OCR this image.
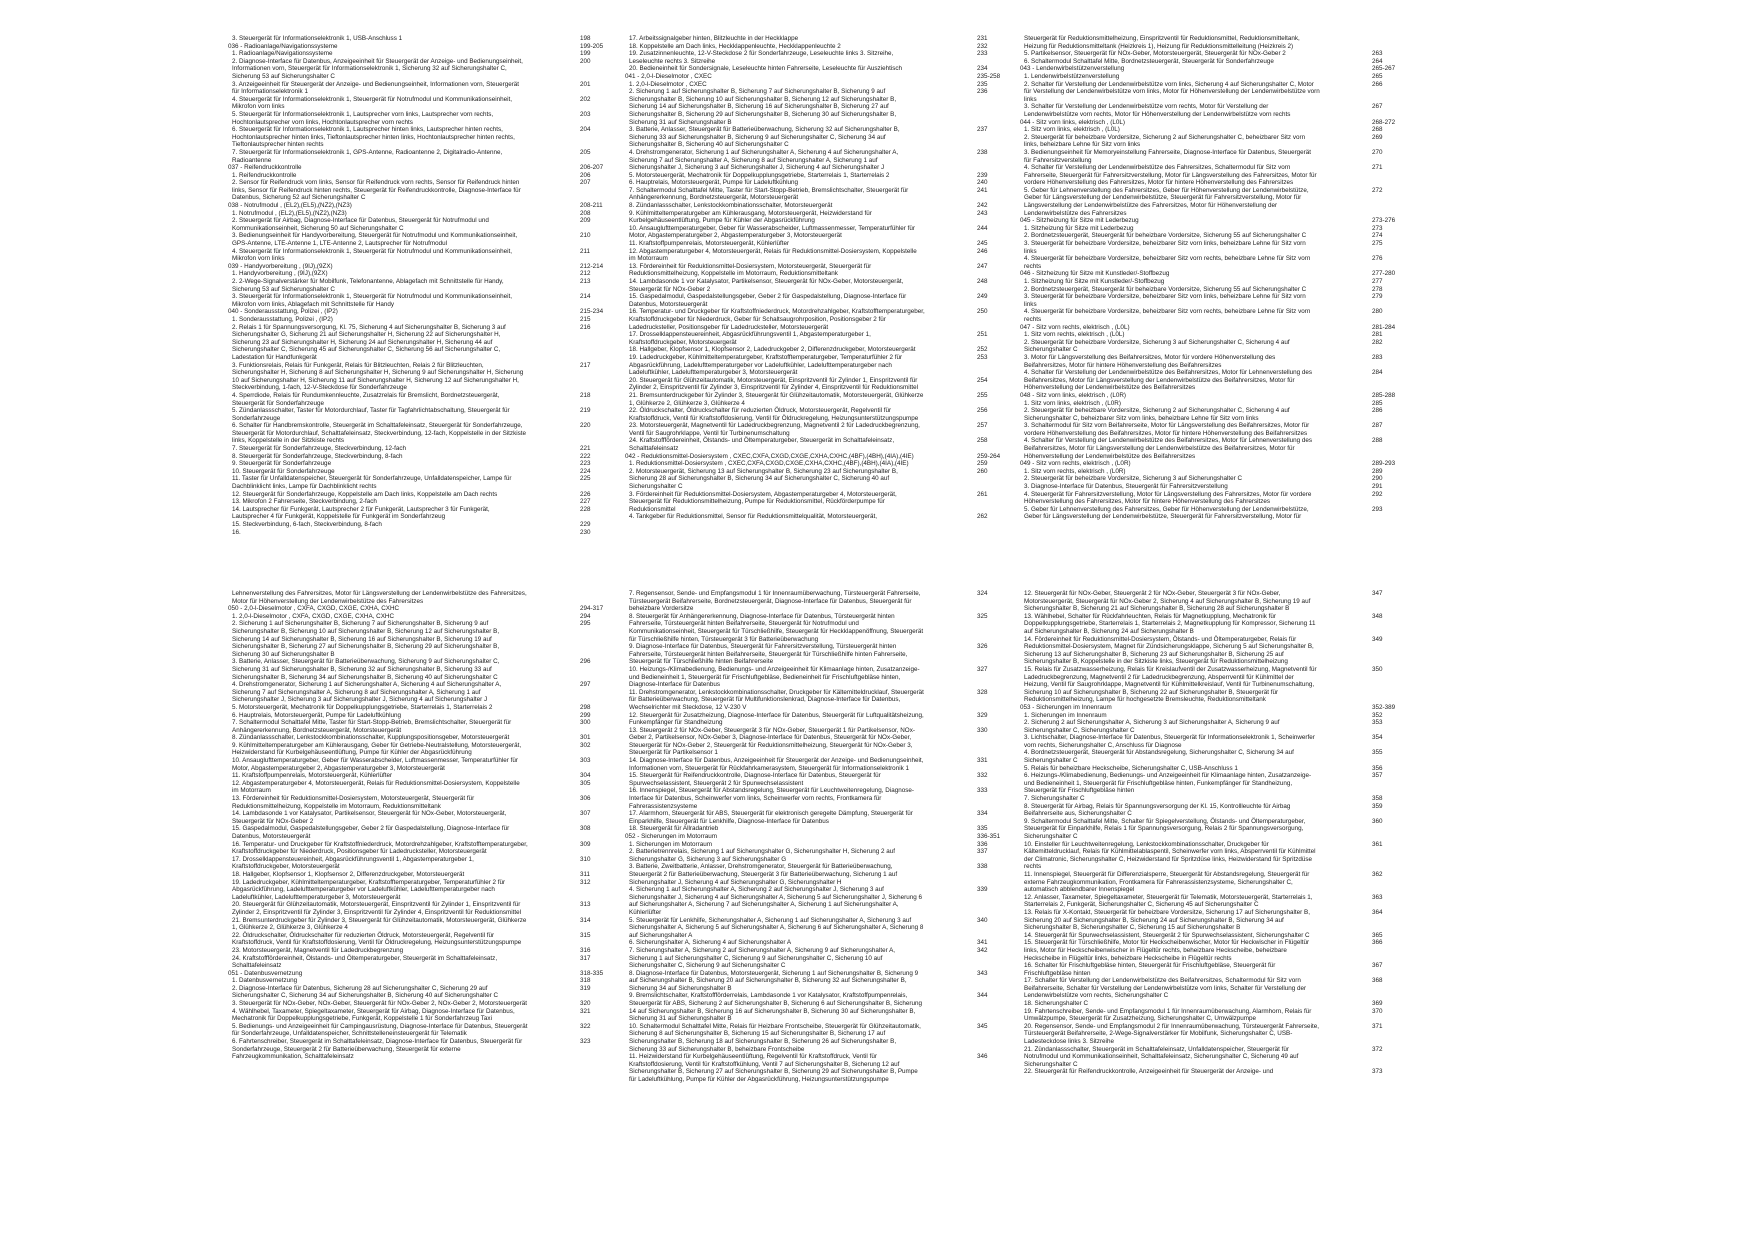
3. Steuergerät für Informationselektronik 1, USB-Anschluss 1	198
036 - Radioanlage/Navigationssysteme	199-205
1. Radioanlage/Navigationssysteme	199
2. Diagnose-Interface für Datenbus, Anzeigeeinheit für Steuergerät der Anzeige- und Bedienungseinheit, Informationen vorn, Steuergerät für Informationselektronik 1, Sicherung 32 auf Sicherungshalter C, Sicherung 53 auf Sicherungshalter C
200
3. Anzeigeeinheit für Steuergerät der Anzeige- und Bedienungseinheit, Informationen vorn, Steuergerät für Informationselektronik 1
201
4. Steuergerät für Informationselektronik 1, Steuergerät für Notrufmodul und Kommunikationseinheit, Mikrofon vorn links
202
5. Steuergerät für Informationselektronik 1, Lautsprecher vorn links, Lautsprecher vorn rechts, Hochtonlautsprecher vorn links, Hochtonlautsprecher vorn rechts
203
6. Steuergerät für Informationselektronik 1, Lautsprecher hinten links, Lautsprecher hinten rechts, Hochtonlautsprecher hinten links, Tieftonlautsprecher hinten links, Hochtonlautsprecher hinten rechts, Tieftonlautsprecher hinten rechts
204
7. Steuergerät für Informationselektronik 1, GPS-Antenne, Radioantenne 2, Digitalradio-Antenne, Radioantenne
205
037 - Reifendruckkontrolle	206-207
1. Reifendruckkontrolle	206
2. Sensor für Reifendruck vorn links, Sensor für Reifendruck vorn rechts, Sensor für Reifendruck hinten links, Sensor für Reifendruck hinten rechts, Steuergerät für Reifendruckkontrolle, Diagnose-Interface für Datenbus, Sicherung 52 auf Sicherungshalter C
207
038 - Notrufmodul , (EL2),(EL5),(NZ2),(NZ3)	208-211
1. Notrufmodul , (EL2),(EL5),(NZ2),(NZ3)	208
2. Steuergerät für Airbag, Diagnose-Interface für Datenbus, Steuergerät für Notrufmodul und Kommunikationseinheit, Sicherung 50 auf Sicherungshalter C
209
3. Bedienungseinheit für Handyvorbereitung, Steuergerät für Notrufmodul und Kommunikationseinheit, GPS-Antenne, LTE-Antenne 1, LTE-Antenne 2, Lautsprecher für Notrufmodul
210
4. Steuergerät für Informationselektronik 1, Steuergerät für Notrufmodul und Kommunikationseinheit, Mikrofon vorn links
211
039 - Handyvorbereitung , (9IJ),(9ZX)	212-214
1. Handyvorbereitung , (9IJ),(9ZX)	212
2. 2-Wege-Signalverstärker für Mobilfunk, Telefonantenne, Ablagefach mit Schnittstelle für Handy, Sicherung 53 auf Sicherungshalter C
213
3. Steuergerät für Informationselektronik 1, Steuergerät für Notrufmodul und Kommunikationseinheit, Mikrofon vorn links, Ablagefach mit Schnittstelle für Handy
214
040 - Sonderausstattung, Polizei , (IP2)	215-234
1. Sonderausstattung, Polizei , (IP2)	215
2. Relais 1 für Spannungsversorgung, Kl. 75, Sicherung 4 auf Sicherungshalter B, Sicherung 3 auf Sicherungshalter G, Sicherung 21 auf Sicherungshalter H, Sicherung 22 auf Sicherungshalter H, Sicherung 23 auf Sicherungshalter H, Sicherung 24 auf Sicherungshalter H, Sicherung 44 auf Sicherungshalter C, Sicherung 45 auf Sicherungshalter C, Sicherung 56 auf Sicherungshalter C, Ladestation für Handfunkgerät
216
3. Funktionsrelais, Relais für Funkgerät, Relais für Blitzleuchten, Relais 2 für Blitzleuchten, Sicherungshalter H, Sicherung 8 auf Sicherungshalter H, Sicherung 9 auf Sicherungshalter H, Sicherung 10 auf Sicherungshalter H, Sicherung 11 auf Sicherungshalter H, Sicherung 12 auf Sicherungshalter H, Steckverbindung, 1-fach, 12-V-Steckdose für Sonderfahrzeuge
217
4. Sperrdiode, Relais für Rundumkennleuchte, Zusatzrelais für Bremslicht, Bordnetzsteuergerät, Steuergerät für Sonderfahrzeuge
218
5. Zündanlassschalter, Taster für Motordurchlauf, Taster für Tagfahrlichtabschaltung, Steuergerät für Sonderfahrzeuge
219
6. Schalter für Handbremskontrolle, Steuergerät im Schalttafeleinsatz, Steuergerät für Sonderfahrzeuge, Steuergerät für Motordurchlauf, Schalttafeleinsatz, Steckverbindung, 12-fach, Koppelstelle in der Sitzkiste links, Koppelstelle in der Sitzkiste rechts
220
7. Steuergerät für Sonderfahrzeuge, Steckverbindung, 12-fach	221
8. Steuergerät für Sonderfahrzeuge, Steckverbindung, 8-fach	222
9. Steuergerät für Sonderfahrzeuge	223
10. Steuergerät für Sonderfahrzeuge	224
11. Taster für Unfalldatenspeicher, Steuergerät für Sonderfahrzeuge, Unfalldatenspeicher, Lampe für Dachblinklicht links, Lampe für Dachblinklicht rechts
225
12. Steuergerät für Sonderfahrzeuge, Koppelstelle am Dach links, Koppelstelle am Dach rechts	226
13. Mikrofon 2 Fahrerseite, Steckverbindung, 2-fach	227
14. Lautsprecher für Funkgerät, Lautsprecher 2 für Funkgerät, Lautsprecher 3 für Funkgerät, Lautsprecher 4 für Funkgerät, Koppelstelle für Funkgerät im Sonderfahrzeug
228
15. Steckverbindung, 6-fach, Steckverbindung, 8-fach	229
16.	230
17. Arbeitssignalgeber hinten, Blitzleuchte in der Heckklappe	231
18. Koppelstelle am Dach links, Heckklappenleuchte, Heckklappenleuchte 2	232
19. Zusatzinnenleuchte, 12-V-Steckdose 2 für Sonderfahrzeuge, Leseleuchte links 3. Sitzreihe, Leseleuchte rechts 3. Sitzreihe
233
20. Bedieneinheit für Sondersignale, Leseleuchte hinten Fahrerseite, Leseleuchte für Ausziehtisch	234
041 - 2,0-l-Dieselmotor , CXEC	235-258
1. 2,0-l-Dieselmotor , CXEC	235
2. Sicherung 1 auf Sicherungshalter B, Sicherung 7 auf Sicherungshalter B, Sicherung 9 auf Sicherungshalter B, Sicherung 10 auf Sicherungshalter B, Sicherung 12 auf Sicherungshalter B, Sicherung 14 auf Sicherungshalter B, Sicherung 16 auf Sicherungshalter B, Sicherung 27 auf Sicherungshalter B, Sicherung 29 auf Sicherungshalter B, Sicherung 30 auf Sicherungshalter B, Sicherung 31 auf Sicherungshalter B
236
3. Batterie, Anlasser, Steuergerät für Batterieüberwachung, Sicherung 32 auf Sicherungshalter B, Sicherung 33 auf Sicherungshalter B, Sicherung 9 auf Sicherungshalter C, Sicherung 34 auf Sicherungshalter B, Sicherung 40 auf Sicherungshalter C
237
4. Drehstromgenerator, Sicherung 1 auf Sicherungshalter A, Sicherung 4 auf Sicherungshalter A, Sicherung 7 auf Sicherungshalter A, Sicherung 8 auf Sicherungshalter A, Sicherung 1 auf Sicherungshalter J, Sicherung 3 auf Sicherungshalter J, Sicherung 4 auf Sicherungshalter J
238
5. Motorsteuergerät, Mechatronik für Doppelkupplungsgetriebe, Starterrelais 1, Starterrelais 2	239
6. Hauptrelais, Motorsteuergerät, Pumpe für Ladeluftkühlung	240
7. Schaltermodul Schalttafel Mitte, Taster für Start-Stopp-Betrieb, Bremslichtschalter, Steuergerät für Anhängererkennung, Bordnetzsteuergerät, Motorsteuergerät
241
8. Zündanlassschalter, Lenkstockkombinationsschalter, Motorsteuergerät	242
9. Kühlmitteltemperaturgeber am Kühlerausgang, Motorsteuergerät, Heizwiderstand für Kurbelgehäuseentlüftung, Pumpe für Kühler der Abgasrückführung
243
10. Ansauglufttemperaturgeber, Geber für Wasserabscheider, Luftmassenmesser, Temperaturfühler für Motor, Abgastemperaturgeber 2, Abgastemperaturgeber 3, Motorsteuergerät
244
11. Kraftstoffpumpenrelais, Motorsteuergerät, Kühlerlüfter	245
12. Abgastemperaturgeber 4, Motorsteuergerät, Relais für Reduktionsmittel-Dosiersystem, Koppelstelle im Motorraum
246
13. Fördereinheit für Reduktionsmittel-Dosiersystem, Motorsteuergerät, Steuergerät für Reduktionsmittelheizung, Koppelstelle im Motorraum, Reduktionsmitteltank
247
14. Lambdasonde 1 vor Katalysator, Partikelsensor, Steuergerät für NOx-Geber, Motorsteuergerät, Steuergerät für NOx-Geber 2
248
15. Gaspedalmodul, Gaspedalstellungsgeber, Geber 2 für Gaspedalstellung, Diagnose-Interface für Datenbus, Motorsteuergerät
249
16. Temperatur- und Druckgeber für Kraftstoffniederdruck, Motordrehzahlgeber, Kraftstofftemperaturgeber, Kraftstoffdruckgeber für Niederdruck, Geber für Schaltsaugrohrposition, Positionsgeber 2 für Ladedrucksteller, Positionsgeber für Ladedrucksteller, Motorsteuergerät
250
17. Drosselklappensteuereinheit, Abgasrückführungsventil 1, Abgastemperaturgeber 1, Kraftstoffdruckgeber, Motorsteuergerät
251
18. Hallgeber, Klopfsensor 1, Klopfsensor 2, Ladedruckgeber 2, Differenzdruckgeber, Motorsteuergerät	252
19. Ladedruckgeber, Kühlmitteltemperaturgeber, Kraftstofftemperaturgeber, Temperaturfühler 2 für Abgasrückführung, Ladelufttemperaturgeber vor Ladeluftkühler, Ladelufttemperaturgeber nach Ladeluftkühler, Ladelufttemperaturgeber 3, Motorsteuergerät
253
20. Steuergerät für Glühzeitautomatik, Motorsteuergerät, Einspritzventil für Zylinder 1, Einspritzventil für Zylinder 2, Einspritzventil für Zylinder 3, Einspritzventil für Zylinder 4, Einspritzventil für Reduktionsmittel
254
21. Bremsunterdruckgeber für Zylinder 3, Steuergerät für Glühzeitautomatik, Motorsteuergerät, Glühkerze 1, Glühkerze 2, Glühkerze 3, Glühkerze 4
255
22. Öldruckschalter, Öldruckschalter für reduzierten Öldruck, Motorsteuergerät, Regelventil für Kraftstoffdruck, Ventil für Kraftstoffdosierung, Ventil für Öldruckregelung, Heizungsunterstützungspumpe
256
23. Motorsteuergerät, Magnetventil für Ladedruckbegrenzung, Magnetventil 2 für Ladedruckbegrenzung, Ventil für Saugrohrklappe, Ventil für Turbinenumschaltung
257
24. Kraftstofffördereinheit, Ölstands- und Öltemperaturgeber, Steuergerät im Schalttafeleinsatz, Schalttafeleinsatz
258
042 - Reduktionsmittel-Dosiersystem , CXEC,CXFA,CXGD,CXGE,CXHA,CXHC,(4BF),(4BH),(4IA),(4IE)	259-264
1. Reduktionsmittel-Dosiersystem , CXEC,CXFA,CXGD,CXGE,CXHA,CXHC,(4BF),(4BH),(4IA),(4IE)	259
2. Motorsteuergerät, Sicherung 13 auf Sicherungshalter B, Sicherung 23 auf Sicherungshalter B, Sicherung 28 auf Sicherungshalter B, Sicherung 34 auf Sicherungshalter C, Sicherung 40 auf Sicherungshalter C
260
3. Fördereinheit für Reduktionsmittel-Dosiersystem, Abgastemperaturgeber 4, Motorsteuergerät, Steuergerät für Reduktionsmittelheizung, Pumpe für Reduktionsmittel, Rückförderpumpe für Reduktionsmittel
261
4. Tankgeber für Reduktionsmittel, Sensor für Reduktionsmittelqualität, Motorsteuergerät,	262
Steuergerät für Reduktionsmittelheizung, Einspritzventil für Reduktionsmittel, Reduktionsmitteltank, Heizung für Reduktionsmitteltank (Heizkreis 1), Heizung für Reduktionsmittelleitung (Heizkreis 2)
5. Partikelsensor, Steuergerät für NOx-Geber, Motorsteuergerät, Steuergerät für NOx-Geber 2	263
6. Schaltermodul Schalttafel Mitte, Bordnetzsteuergerät, Steuergerät für Sonderfahrzeuge	264
043 - Lendenwirbelstützenverstellung	265-267
1. Lendenwirbelstützenverstellung	265
2. Schalter für Verstellung der Lendenwirbelstütze vorn links, Sicherung 4 auf Sicherungshalter C, Motor für Verstellung der Lendenwirbelstütze vorn links, Motor für Höhenverstellung der Lendenwirbelstütze vorn links
266
3. Schalter für Verstellung der Lendenwirbelstütze vorn rechts, Motor für Verstellung der Lendenwirbelstütze vorn rechts, Motor für Höhenverstellung der Lendenwirbelstütze vorn rechts
267
044 - Sitz vorn links, elektrisch , (L0L)	268-272
1. Sitz vorn links, elektrisch , (L0L)	268
2. Steuergerät für beheizbare Vordersitze, Sicherung 2 auf Sicherungshalter C, beheizbarer Sitz vorn links, beheizbare Lehne für Sitz vorn links
269
3. Bedienungseinheit für Memoryeinstellung Fahrerseite, Diagnose-Interface für Datenbus, Steuergerät für Fahrersitzverstellung
270
4. Schalter für Verstellung der Lendenwirbelstütze des Fahrersitzes, Schaltermodul für Sitz vorn Fahrerseite, Steuergerät für Fahrersitzverstellung, Motor für Längsverstellung des Fahrersitzes, Motor für vordere Höhenverstellung des Fahrersitzes, Motor für hintere Höhenverstellung des Fahrersitzes
271
5. Geber für Lehnenverstellung des Fahrersitzes, Geber für Höhenverstellung der Lendenwirbelstütze, Geber für Längsverstellung der Lendenwirbelstütze, Steuergerät für Fahrersitzverstellung, Motor für Längsverstellung der Lendenwirbelstütze des Fahrersitzes, Motor für Höhenverstellung der Lendenwirbelstütze des Fahrersitzes
272
045 - Sitzheizung für Sitze mit Lederbezug	273-276
1. Sitzheizung für Sitze mit Lederbezug	273
2. Bordnetzsteuergerät, Steuergerät für beheizbare Vordersitze, Sicherung 55 auf Sicherungshalter C	274
3. Steuergerät für beheizbare Vordersitze, beheizbarer Sitz vorn links, beheizbare Lehne für Sitz vorn links
275
4. Steuergerät für beheizbare Vordersitze, beheizbarer Sitz vorn rechts, beheizbare Lehne für Sitz vorn rechts
276
046 - Sitzheizung für Sitze mit Kunstleder/-Stoffbezug	277-280
1. Sitzheizung für Sitze mit Kunstleder/-Stoffbezug	277
2. Bordnetzsteuergerät, Steuergerät für beheizbare Vordersitze, Sicherung 55 auf Sicherungshalter C	278
3. Steuergerät für beheizbare Vordersitze, beheizbarer Sitz vorn links, beheizbare Lehne für Sitz vorn links
279
4. Steuergerät für beheizbare Vordersitze, beheizbarer Sitz vorn rechts, beheizbare Lehne für Sitz vorn rechts
280
047 - Sitz vorn rechts, elektrisch , (L0L)	281-284
1. Sitz vorn rechts, elektrisch , (L0L)	281
2. Steuergerät für beheizbare Vordersitze, Sicherung 3 auf Sicherungshalter C, Sicherung 4 auf Sicherungshalter C
282
3. Motor für Längsverstellung des Beifahrersitzes, Motor für vordere Höhenverstellung des Beifahrersitzes, Motor für hintere Höhenverstellung des Beifahrersitzes
283
4. Schalter für Verstellung der Lendenwirbelstütze des Beifahrersitzes, Motor für Lehnenverstellung des Beifahrersitzes, Motor für Längsverstellung der Lendenwirbelstütze des Beifahrersitzes, Motor für Höhenverstellung der Lendenwirbelstütze des Beifahrersitzes
284
048 - Sitz vorn links, elektrisch , (L0R)	285-288
1. Sitz vorn links, elektrisch , (L0R)	285
2. Steuergerät für beheizbare Vordersitze, Sicherung 2 auf Sicherungshalter C, Sicherung 4 auf Sicherungshalter C, beheizbarer Sitz vorn links, beheizbare Lehne für Sitz vorn links
286
3. Schaltermodul für Sitz vorn Beifahrerseite, Motor für Längsverstellung des Beifahrersitzes, Motor für vordere Höhenverstellung des Beifahrersitzes, Motor für hintere Höhenverstellung des Beifahrersitzes
287
4. Schalter für Verstellung der Lendenwirbelstütze des Beifahrersitzes, Motor für Lehnenverstellung des Beifahrersitzes, Motor für Längsverstellung der Lendenwirbelstütze des Beifahrersitzes, Motor für Höhenverstellung der Lendenwirbelstütze des Beifahrersitzes
288
049 - Sitz vorn rechts, elektrisch , (L0R)	289-293
1. Sitz vorn rechts, elektrisch , (L0R)	289
2. Steuergerät für beheizbare Vordersitze, Sicherung 3 auf Sicherungshalter C	290
3. Diagnose-Interface für Datenbus, Steuergerät für Fahrersitzverstellung	291
4. Steuergerät für Fahrersitzverstellung, Motor für Längsverstellung des Fahrersitzes, Motor für vordere Höhenverstellung des Fahrersitzes, Motor für hintere Höhenverstellung des Fahrersitzes
292
5. Geber für Lehnenverstellung des Fahrersitzes, Geber für Höhenverstellung der Lendenwirbelstütze, Geber für Längsverstellung der Lendenwirbelstütze, Steuergerät für Fahrersitzverstellung, Motor für
293
Lehnenverstellung des Fahrersitzes, Motor für Längsverstellung der Lendenwirbelstütze des Fahrersitzes, Motor für Höhenverstellung der Lendenwirbelstütze des Fahrersitzes
050 - 2,0-l-Dieselmotor , CXFA, CXGD, CXGE, CXHA, CXHC	294-317
1. 2,0-l-Dieselmotor , CXFA, CXGD, CXGE, CXHA, CXHC	294
2. Sicherung 1 auf Sicherungshalter B, Sicherung 7 auf Sicherungshalter B, Sicherung 9 auf Sicherungshalter B, Sicherung 10 auf Sicherungshalter B, Sicherung 12 auf Sicherungshalter B, Sicherung 14 auf Sicherungshalter B, Sicherung 16 auf Sicherungshalter B, Sicherung 19 auf Sicherungshalter B, Sicherung 27 auf Sicherungshalter B, Sicherung 29 auf Sicherungshalter B, Sicherung 30 auf Sicherungshalter B
295
3. Batterie, Anlasser, Steuergerät für Batterieüberwachung, Sicherung 9 auf Sicherungshalter C, Sicherung 31 auf Sicherungshalter B, Sicherung 32 auf Sicherungshalter B, Sicherung 33 auf Sicherungshalter B, Sicherung 34 auf Sicherungshalter B, Sicherung 40 auf Sicherungshalter C
296
4. Drehstromgenerator, Sicherung 1 auf Sicherungshalter A, Sicherung 4 auf Sicherungshalter A, Sicherung 7 auf Sicherungshalter A, Sicherung 8 auf Sicherungshalter A, Sicherung 1 auf Sicherungshalter J, Sicherung 3 auf Sicherungshalter J, Sicherung 4 auf Sicherungshalter J
297
5. Motorsteuergerät, Mechatronik für Doppelkupplungsgetriebe, Starterrelais 1, Starterrelais 2	298
6. Hauptrelais, Motorsteuergerät, Pumpe für Ladeluftkühlung	299
7. Schaltermodul Schalttafel Mitte, Taster für Start-Stopp-Betrieb, Bremslichtschalter, Steuergerät für Anhängererkennung, Bordnetzsteuergerät, Motorsteuergerät
300
8. Zündanlassschalter, Lenkstockkombinationsschalter, Kupplungspositionsgeber, Motorsteuergerät	301
9. Kühlmitteltemperaturgeber am Kühlerausgang, Geber für Getriebe-Neutralstellung, Motorsteuergerät, Heizwiderstand für Kurbelgehäuseentlüftung, Pumpe für Kühler der Abgasrückführung
302
10. Ansauglufttemperaturgeber, Geber für Wasserabscheider, Luftmassenmesser, Temperaturfühler für Motor, Abgastemperaturgeber 2, Abgastemperaturgeber 3, Motorsteuergerät
303
11. Kraftstoffpumpenrelais, Motorsteuergerät, Kühlerlüfter	304
12. Abgastemperaturgeber 4, Motorsteuergerät, Relais für Reduktionsmittel-Dosiersystem, Koppelstelle im Motorraum
305
13. Fördereinheit für Reduktionsmittel-Dosiersystem, Motorsteuergerät, Steuergerät für Reduktionsmittelheizung, Koppelstelle im Motorraum, Reduktionsmitteltank
306
14. Lambdasonde 1 vor Katalysator, Partikelsensor, Steuergerät für NOx-Geber, Motorsteuergerät, Steuergerät für NOx-Geber 2
307
15. Gaspedalmodul, Gaspedalstellungsgeber, Geber 2 für Gaspedalstellung, Diagnose-Interface für Datenbus, Motorsteuergerät
308
16. Temperatur- und Druckgeber für Kraftstoffniederdruck, Motordrehzahlgeber, Kraftstofftemperaturgeber, Kraftstoffdruckgeber für Niederdruck, Positionsgeber für Ladedrucksteller, Motorsteuergerät
309
17. Drosselklappensteuereinheit, Abgasrückführungsventil 1, Abgastemperaturgeber 1, Kraftstoffdruckgeber, Motorsteuergerät
310
18. Hallgeber, Klopfsensor 1, Klopfsensor 2, Differenzdruckgeber, Motorsteuergerät	311
19. Ladedruckgeber, Kühlmitteltemperaturgeber, Kraftstofftemperaturgeber, Temperaturfühler 2 für Abgasrückführung, Ladelufttemperaturgeber vor Ladeluftkühler, Ladelufttemperaturgeber nach Ladeluftkühler, Ladelufttemperaturgeber 3, Motorsteuergerät
312
20. Steuergerät für Glühzeitautomatik, Motorsteuergerät, Einspritzventil für Zylinder 1, Einspritzventil für Zylinder 2, Einspritzventil für Zylinder 3, Einspritzventil für Zylinder 4, Einspritzventil für Reduktionsmittel
313
21. Bremsunterdruckgeber für Zylinder 3, Steuergerät für Glühzeitautomatik, Motorsteuergerät, Glühkerze 1, Glühkerze 2, Glühkerze 3, Glühkerze 4
314
22. Öldruckschalter, Öldruckschalter für reduzierten Öldruck, Motorsteuergerät, Regelventil für Kraftstoffdruck, Ventil für Kraftstoffdosierung, Ventil für Öldruckregelung, Heizungsunterstützungspumpe
315
23. Motorsteuergerät, Magnetventil für Ladedruckbegrenzung	316
24. Kraftstofffördereinheit, Ölstands- und Öltemperaturgeber, Steuergerät im Schalttafeleinsatz, Schalttafeleinsatz
317
051 - Datenbusvernetzung	318-335
1. Datenbusvernetzung	318
2. Diagnose-Interface für Datenbus, Sicherung 28 auf Sicherungshalter C, Sicherung 29 auf Sicherungshalter C, Sicherung 34 auf Sicherungshalter B, Sicherung 40 auf Sicherungshalter C
319
3. Steuergerät für NOx-Geber, NOx-Geber, Steuergerät für NOx-Geber 2, NOx-Geber 2, Motorsteuergerät	320
4. Wählhebel, Taxameter, Spiegeltaxameter, Steuergerät für Airbag, Diagnose-Interface für Datenbus, Mechatronik für Doppelkupplungsgetriebe, Funkgerät, Koppelstelle 1 für Sonderfahrzeug Taxi
321
5. Bedienungs- und Anzeigeeinheit für Campingausrüstung, Diagnose-Interface für Datenbus, Steuergerät für Sonderfahrzeuge, Unfalldatenspeicher, Schnittstelleneinsteuergerät für Telematik
322
6. Fahrtenschreiber, Steuergerät im Schalttafeleinsatz, Diagnose-Interface für Datenbus, Steuergerät für Sonderfahrzeuge, Steuergerät 2 für Batterieüberwachung, Steuergerät für externe Fahrzeugkommunikation, Schalttafeleinsatz
323
7. Regensensor, Sende- und Empfangsmodul 1 für Innenraumüberwachung, Türsteuergerät Fahrerseite, Türsteuergerät Beifahrerseite, Bordnetzsteuergerät, Diagnose-Interface für Datenbus, Steuergerät für beheizbare Vordersitze
324
8. Steuergerät für Anhängererkennung, Diagnose-Interface für Datenbus, Türsteuergerät hinten Fahrerseite, Türsteuergerät hinten Beifahrerseite, Steuergerät für Notrufmodul und Kommunikationseinheit, Steuergerät für Türschließhilfe, Steuergerät für Heckklappenöffnung, Steuergerät für Türschließhilfe hinten, Türsteuergerät 3 für Batterieüberwachung
325
9. Diagnose-Interface für Datenbus, Steuergerät für Fahrersitzverstellung, Türsteuergerät hinten Fahrerseite, Türsteuergerät hinten Beifahrerseite, Steuergerät für Türschließhilfe hinten Fahrerseite, Steuergerät für Türschließhilfe hinten Beifahrerseite
326
10. Heizungs-/Klimabedienung, Bedienungs- und Anzeigeeinheit für Klimaanlage hinten, Zusatzanzeige- und Bedieneinheit 1, Steuergerät für Frischluftgebläse, Bedieneinheit für Frischluftgebläse hinten, Diagnose-Interface für Datenbus
327
11. Drehstromgenerator, Lenkstockkombinationsschalter, Druckgeber für Kältemitteldrucklauf, Steuergerät für Batterieüberwachung, Steuergerät für Multifunktionslenkrad, Diagnose-Interface für Datenbus, Wechselrichter mit Steckdose, 12 V-230 V
328
12. Steuergerät für Zusatzheizung, Diagnose-Interface für Datenbus, Steuergerät für Luftqualitätsheizung, Funkempfänger für Standheizung
329
13. Steuergerät 2 für NOx-Geber, Steuergerät 3 für NOx-Geber, Steuergerät 1 für Partikelsensor, NOx-Geber 2, Partikelsensor, NOx-Geber 3, Diagnose-Interface für Datenbus, Steuergerät für NOx-Geber, Steuergerät für NOx-Geber 2, Steuergerät für Reduktionsmittelheizung, Steuergerät für NOx-Geber 3, Steuergerät für Partikelsensor 1
330
14. Diagnose-Interface für Datenbus, Anzeigeeinheit für Steuergerät der Anzeige- und Bedienungseinheit, Informationen vorn, Steuergerät für Rückfahrkamerasystem, Steuergerät für Informationselektronik 1
331
15. Steuergerät für Reifendruckkontrolle, Diagnose-Interface für Datenbus, Steuergerät für Spurwechselassistent, Steuergerät 2 für Spurwechselassistent
332
16. Innenspiegel, Steuergerät für Abstandsregelung, Steuergerät für Leuchtweitenregelung, Diagnose-Interface für Datenbus, Scheinwerfer vorn links, Scheinwerfer vorn rechts, Frontkamera für Fahrerassistenzsysteme
333
17. Alarmhorn, Steuergerät für ABS, Steuergerät für elektronisch geregelte Dämpfung, Steuergerät für Einparkhilfe, Steuergerät für Lenkhilfe, Diagnose-Interface für Datenbus
334
18. Steuergerät für Allradantrieb	335
052 - Sicherungen im Motorraum	336-351
1. Sicherungen im Motorraum	336
2. Batterietrennrelais, Sicherung 1 auf Sicherungshalter G, Sicherungshalter H, Sicherung 2 auf Sicherungshalter G, Sicherung 3 auf Sicherungshalter G
337
3. Batterie, Zweitbatterie, Anlasser, Drehstromgenerator, Steuergerät für Batterieüberwachung, Steuergerät 2 für Batterieüberwachung, Steuergerät 3 für Batterieüberwachung, Sicherung 1 auf Sicherungshalter J, Sicherung 4 auf Sicherungshalter G, Sicherungshalter H
338
4. Sicherung 1 auf Sicherungshalter A, Sicherung 2 auf Sicherungshalter J, Sicherung 3 auf Sicherungshalter J, Sicherung 4 auf Sicherungshalter A, Sicherung 5 auf Sicherungshalter J, Sicherung 6 auf Sicherungshalter A, Sicherung 7 auf Sicherungshalter A, Sicherung 1 auf Sicherungshalter A, Kühlerlüfter
339
5. Steuergerät für Lenkhilfe, Sicherungshalter A, Sicherung 1 auf Sicherungshalter A, Sicherung 3 auf Sicherungshalter A, Sicherung 5 auf Sicherungshalter A, Sicherung 6 auf Sicherungshalter A, Sicherung 8 auf Sicherungshalter A
340
6. Sicherungshalter A, Sicherung 4 auf Sicherungshalter A	341
7. Sicherungshalter A, Sicherung 2 auf Sicherungshalter A, Sicherung 9 auf Sicherungshalter A, Sicherung 1 auf Sicherungshalter C, Sicherung 9 auf Sicherungshalter C, Sicherung 10 auf Sicherungshalter C, Sicherung 9 auf Sicherungshalter C
342
8. Diagnose-Interface für Datenbus, Motorsteuergerät, Sicherung 1 auf Sicherungshalter B, Sicherung 9 auf Sicherungshalter B, Sicherung 20 auf Sicherungshalter B, Sicherung 32 auf Sicherungshalter B, Sicherung 34 auf Sicherungshalter B
343
9. Bremslichtschalter, Kraftstoffförderrelais, Lambdasonde 1 vor Katalysator, Kraftstoffpumpenrelais, Steuergerät für ABS, Sicherung 2 auf Sicherungshalter B, Sicherung 6 auf Sicherungshalter B, Sicherung 14 auf Sicherungshalter B, Sicherung 16 auf Sicherungshalter B, Sicherung 30 auf Sicherungshalter B, Sicherung 31 auf Sicherungshalter B
344
10. Schaltermodul Schalttafel Mitte, Relais für Heizbare Frontscheibe, Steuergerät für Glühzeitautomatik, Sicherung 8 auf Sicherungshalter B, Sicherung 15 auf Sicherungshalter B, Sicherung 17 auf Sicherungshalter B, Sicherung 18 auf Sicherungshalter B, Sicherung 26 auf Sicherungshalter B, Sicherung 33 auf Sicherungshalter B, beheizbare Frontscheibe
345
11. Heizwiderstand für Kurbelgehäuseentlüftung, Regelventil für Kraftstoffdruck, Ventil für Kraftstoffdosierung, Ventil für Kraftstoffkühlung, Ventil 7 auf Sicherungshalter B, Sicherung 12 auf Sicherungshalter B, Sicherung 27 auf Sicherungshalter B, Sicherung 29 auf Sicherungshalter B, Pumpe für Ladeluftkühlung, Pumpe für Kühler der Abgasrückführung, Heizungsunterstützungspumpe
346
12. Steuergerät für NOx-Geber, Steuergerät 2 für NOx-Geber, Steuergerät 3 für NOx-Geber, Motorsteuergerät, Steuergerät für NOx-Geber 2, Sicherung 4 auf Sicherungshalter B, Sicherung 19 auf Sicherungshalter B, Sicherung 21 auf Sicherungshalter B, Sicherung 28 auf Sicherungshalter B
347
13. Wählhebel, Schalter für Rückfahrleuchten, Relais für Magnetkupplung, Mechatronik für Doppelkupplungsgetriebe, Starterrelais 1, Starterrelais 2, Magnetkupplung für Kompressor, Sicherung 11 auf Sicherungshalter B, Sicherung 24 auf Sicherungshalter B
348
14. Fördereinheit für Reduktionsmittel-Dosiersystem, Ölstands- und Öltemperaturgeber, Relais für Reduktionsmittel-Dosiersystem, Magnet für Zündsicherungsklappe, Sicherung 5 auf Sicherungshalter B, Sicherung 13 auf Sicherungshalter B, Sicherung 23 auf Sicherungshalter B, Sicherung 25 auf Sicherungshalter B, Koppelstelle in der Sitzkiste links, Steuergerät für Reduktionsmittelheizung
349
15. Relais für Zusatzwasserheizung, Relais für Kreislaufventil der Zusatzwasserheizung, Magnetventil für Ladedruckbegrenzung, Magnetventil 2 für Ladedruckbegrenzung, Absperrventil für Kühlmittel der Heizung, Ventil für Saugrohrklappe, Magnetventil für Kühlmittelkreislauf, Ventil für Turbinenumschaltung, Sicherung 10 auf Sicherungshalter B, Sicherung 22 auf Sicherungshalter B, Steuergerät für Reduktionsmittelheizung, Lampe für hochgesetzte Bremsleuchte, Reduktionsmitteltank
350
053 - Sicherungen im Innenraum	352-389
1. Sicherungen im Innenraum	352
2. Sicherung 2 auf Sicherungshalter A, Sicherung 3 auf Sicherungshalter A, Sicherung 9 auf Sicherungshalter C, Sicherungshalter C
353
3. Lichtschalter, Diagnose-Interface für Datenbus, Steuergerät für Informationselektronik 1, Scheinwerfer vorn rechts, Sicherungshalter C, Anschluss für Diagnose
354
4. Bordnetzsteuergerät, Steuergerät für Abstandsregelung, Sicherungshalter C, Sicherung 34 auf Sicherungshalter C
355
5. Relais für beheizbare Heckscheibe, Sicherungshalter C, USB-Anschluss 1	356
6. Heizungs-/Klimabedienung, Bedienungs- und Anzeigeeinheit für Klimaanlage hinten, Zusatzanzeige- und Bedieneinheit 1, Steuergerät für Frischluftgebläse hinten, Funkempfänger für Standheizung, Steuergerät für Frischluftgebläse hinten
357
7. Sicherungshalter C	358
8. Steuergerät für Airbag, Relais für Spannungsversorgung der Kl. 15, Kontrollleuchte für Airbag Beifahrerseite aus, Sicherungshalter C
359
9. Schaltermodul Schalttafel Mitte, Schalter für Spiegelverstellung, Ölstands- und Öltemperaturgeber, Steuergerät für Einparkhilfe, Relais 1 für Spannungsversorgung, Relais 2 für Spannungsversorgung, Sicherungshalter C
360
10. Einsteller für Leuchtweitenregelung, Lenkstockkombinationsschalter, Druckgeber für Kältemitteldrucklauf, Relais für Kühlmittelablaspentil, Scheinwerfer vorn links, Absperrventil für Kühlmittel der Climatronic, Sicherungshalter C, Heizwiderstand für Spritzdüse links, Heizwiderstand für Spritzdüse rechts
361
11. Innenspiegel, Steuergerät für Differenzialsperre, Steuergerät für Abstandsregelung, Steuergerät für externe Fahrzeugkommunikation, Frontkamera für Fahrerassistenzsysteme, Sicherungshalter C, automatisch abblendbarer Innenspiegel
362
12. Anlasser, Taxameter, Spiegeltaxameter, Steuergerät für Telematik, Motorsteuergerät, Starterrelais 1, Starterrelais 2, Funkgerät, Sicherungshalter C, Sicherung 45 auf Sicherungshalter C
363
13. Relais für X-Kontakt, Steuergerät für beheizbare Vordersitze, Sicherung 17 auf Sicherungshalter B, Sicherung 20 auf Sicherungshalter B, Sicherung 24 auf Sicherungshalter B, Sicherung 34 auf Sicherungshalter B, Sicherungshalter C, Sicherung 15 auf Sicherungshalter B
364
14. Steuergerät für Spurwechselassistent, Steuergerät 2 für Spurwechselassistent, Sicherungshalter C	365
15. Steuergerät für Türschließhilfe, Motor für Heckscheibenwischer, Motor für Heckwischer in Flügeltür links, Motor für Heckscheibenwischer in Flügeltür rechts, beheizbare Heckscheibe, beheizbare Heckscheibe in Flügeltür links, beheizbare Heckscheibe in Flügeltür rechts
366
16. Schalter für Frischluftgebläse hinten, Steuergerät für Frischluftgebläse, Steuergerät für Frischluftgebläse hinten
367
17. Schalter für Verstellung der Lendenwirbelstütze des Beifahrersitzes, Schaltermodul für Sitz vorn Beifahrerseite, Schalter für Verstellung der Lendenwirbelstütze vorn links, Schalter für Verstellung der Lendenwirbelstütze vorn rechts, Sicherungshalter C
368
18. Sicherungshalter C	369
19. Fahrtenschreiber, Sende- und Empfangsmodul 1 für Innenraumüberwachung, Alarmhorn, Relais für Umwälzpumpe, Steuergerät für Zusatzheizung, Sicherungshalter C, Umwälzpumpe
370
20. Regensensor, Sende- und Empfangsmodul 2 für Innenraumüberwachung, Türsteuergerät Fahrerseite, Türsteuergerät Beifahrerseite, 2-Wege-Signalverstärker für Mobilfunk, Sicherungshalter C, USB-Ladesteckdose links 3. Sitzreihe
371
21. Zündanlassschalter, Steuergerät im Schalttafeleinsatz, Unfalldatenspeicher, Steuergerät für Notrufmodul und Kommunikationseinheit, Schalttafeleinsatz, Sicherungshalter C, Sicherung 49 auf Sicherungshalter C
372
22. Steuergerät für Reifendruckkontrolle, Anzeigeeinheit für Steuergerät der Anzeige- und	373
